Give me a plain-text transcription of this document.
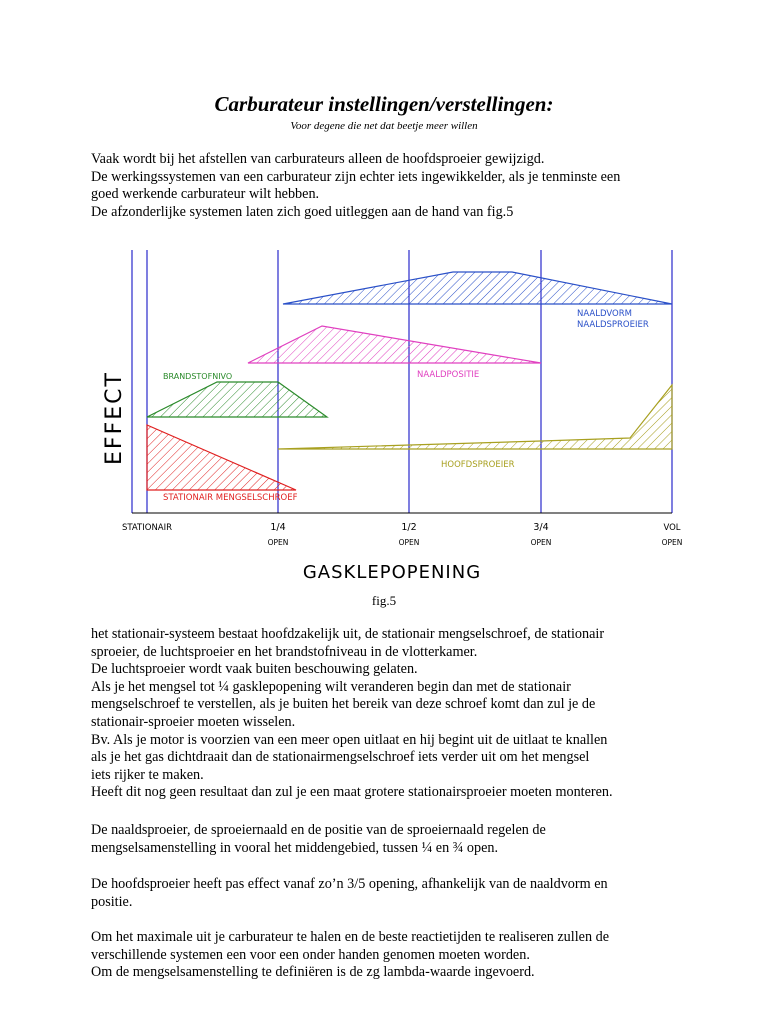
Carburateur instellingen/verstellingen:
Voor degene die net dat beetje meer willen
Vaak wordt bij het afstellen van carburateurs alleen de hoofdsproeier gewijzigd.
De werkingssystemen van een carburateur zijn echter iets ingewikkelder, als je tenminste een
goed werkende carburateur wilt hebben.
De afzonderlijke systemen laten zich goed uitleggen aan de hand van fig.5
NAALDVORM
NAALDSPROEIER
NAALDPOSITIE
BRANDSTOFNIVO
HOOFDSPROEIER
STATIONAIR MENGSELSCHROEF
EFFECT
STATIONAIR	1/4
OPEN
1/2
OPEN
3/4
OPEN
VOL
OPEN
GASKLEPOPENING
fig.5
het stationair-systeem bestaat hoofdzakelijk uit, de stationair mengselschroef, de stationair
sproeier, de luchtsproeier en het brandstofniveau in de vlotterkamer.
De luchtsproeier wordt vaak buiten beschouwing gelaten.
Als je het mengsel tot ¼ gasklepopening wilt veranderen begin dan met de stationair
mengselschroef te verstellen, als je buiten het bereik van deze schroef komt dan zul je de
stationair-sproeier moeten wisselen.
Bv. Als je motor is voorzien van een meer open uitlaat en hij begint uit de uitlaat te knallen
als je het gas dichtdraait dan de stationairmengselschroef iets verder uit om het mengsel
iets rijker te maken.
Heeft dit nog geen resultaat dan zul je een maat grotere stationairsproeier moeten monteren.
De naaldsproeier, de sproeiernaald en de positie van de sproeiernaald regelen de
mengselsamenstelling in vooral het middengebied, tussen ¼ en ¾ open.
De hoofdsproeier heeft pas effect vanaf zo’n 3/5 opening, afhankelijk van de naaldvorm en
positie.
Om het maximale uit je carburateur te halen en de beste reactietijden te realiseren zullen de
verschillende systemen een voor een onder handen genomen moeten worden.
Om de mengselsamenstelling te definiëren is de zg lambda-waarde ingevoerd.
